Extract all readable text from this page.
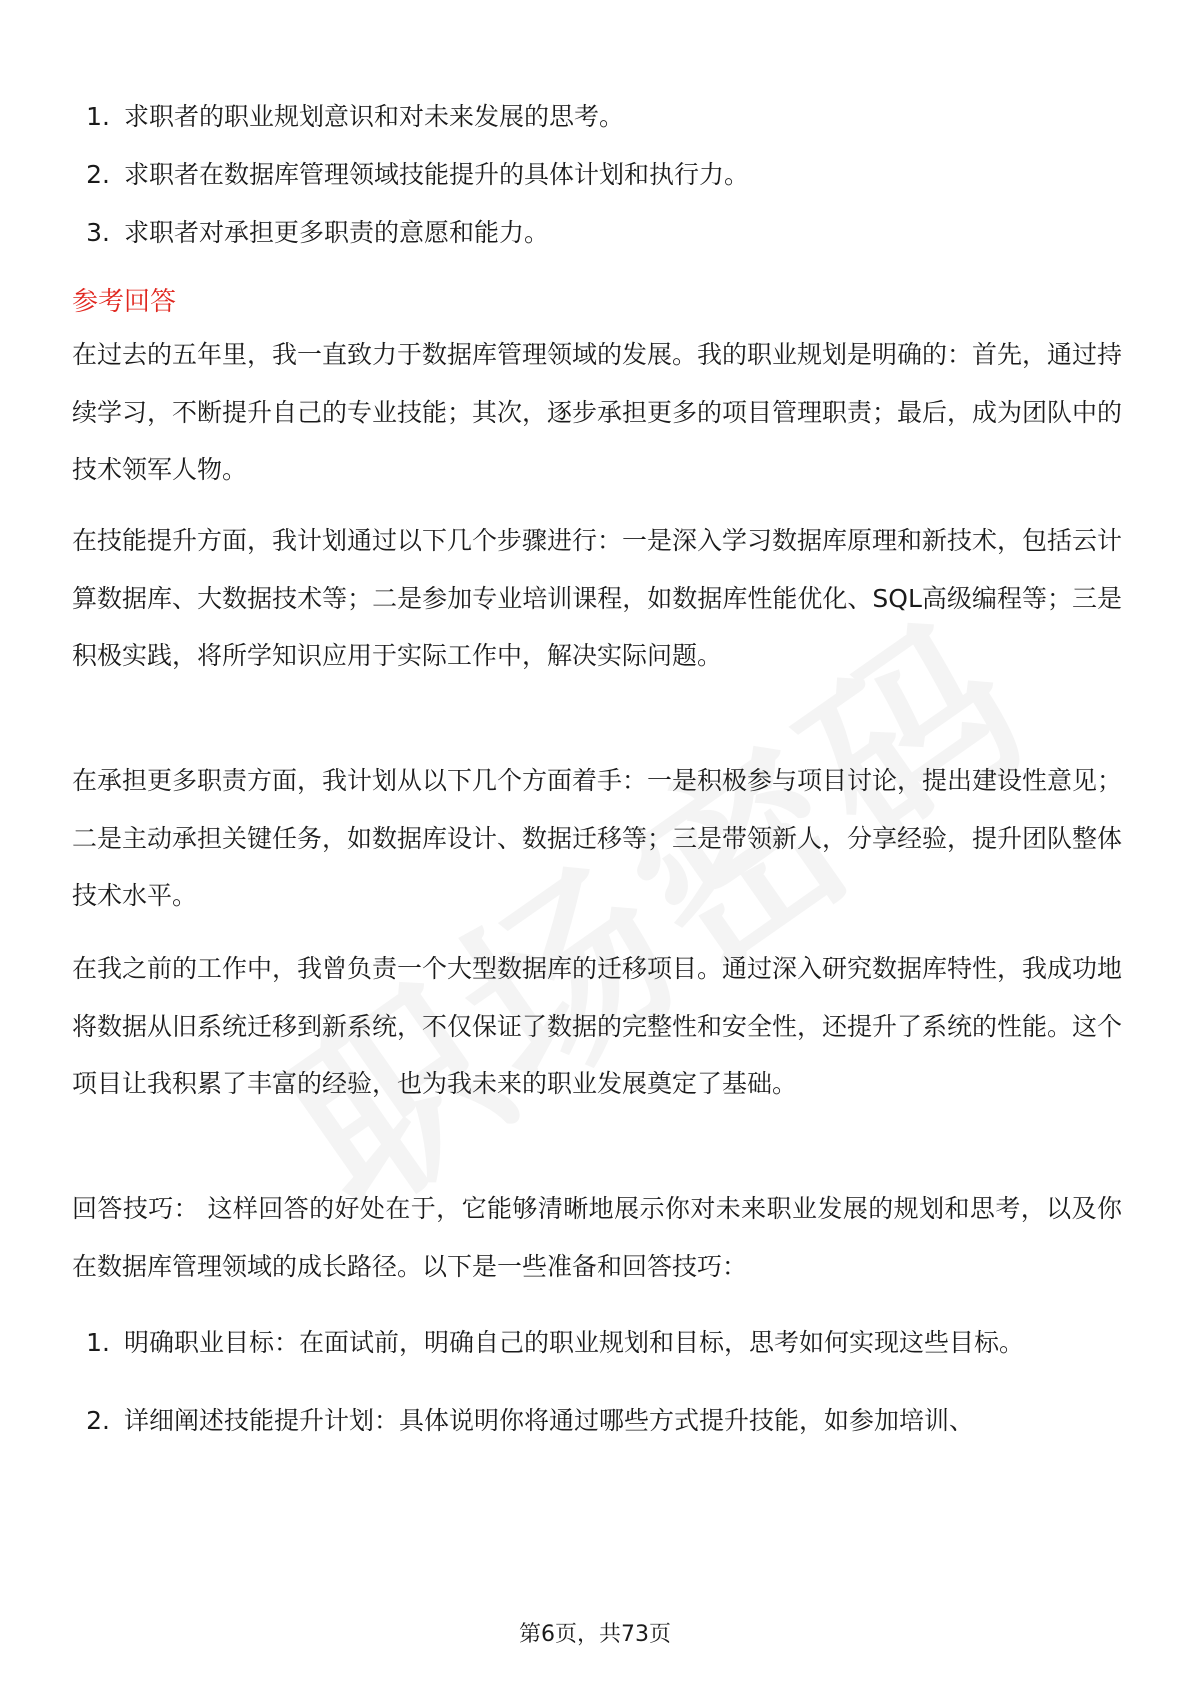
1. 求职者的职业规划意识和对未来发展的思考。
2. 求职者在数据库管理领域技能提升的具体计划和执行力。
3. 求职者对承担更多职责的意愿和能力。
参考回答

在过去的五年里，我一直致力于数据库管理领域的发展。我的职业规划是明确的：首先，通过持续学习，不断提升自己的专业技能；其次，逐步承担更多的项目管理职责；最后，成为团队中的技术领军人物。

在技能提升方面，我计划通过以下几个步骤进行：一是深入学习数据库原理和新技术，包括云计算数据库、大数据技术等；二是参加专业培训课程，如数据库性能优化、SQL高级编程等；三是积极实践，将所学知识应用于实际工作中，解决实际问题。

在承担更多职责方面，我计划从以下几个方面着手：一是积极参与项目讨论，提出建设性意见；二是主动承担关键任务，如数据库设计、数据迁移等；三是带领新人，分享经验，提升团队整体技术水平。

在我之前的工作中，我曾负责一个大型数据库的迁移项目。通过深入研究数据库特性，我成功地将数据从旧系统迁移到新系统，不仅保证了数据的完整性和安全性，还提升了系统的性能。这个项目让我积累了丰富的经验，也为我未来的职业发展奠定了基础。

回答技巧： 这样回答的好处在于，它能够清晰地展示你对未来职业发展的规划和思考，以及你在数据库管理领域的成长路径。以下是一些准备和回答技巧：

1. 明确职业目标：在面试前，明确自己的职业规划和目标，思考如何实现这些目标。
2. 详细阐述技能提升计划：具体说明你将通过哪些方式提升技能，如参加培训、
第6页，共73页
